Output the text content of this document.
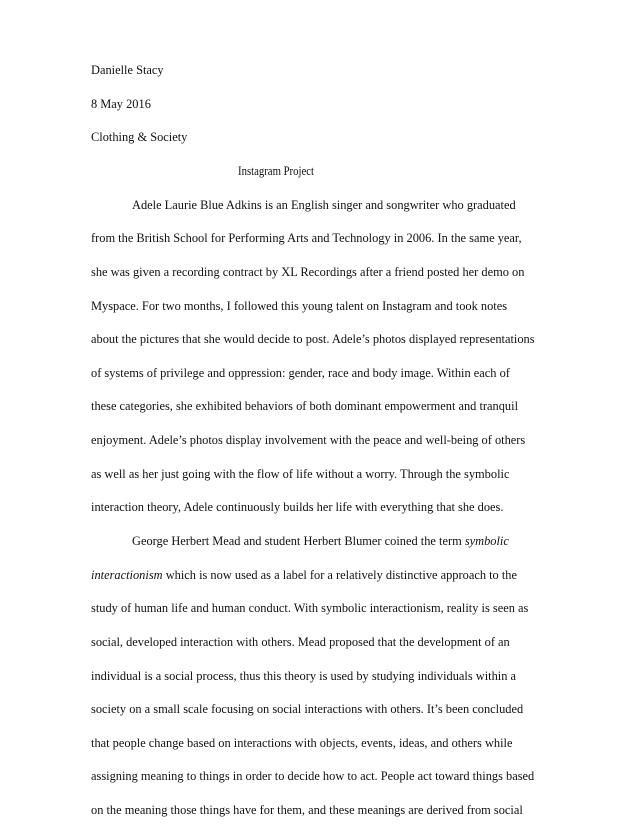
Danielle Stacy

8 May 2016

Clothing & Society

Instagram Project

Adele Laurie Blue Adkins is an English singer and songwriter who graduated

from the British School for Performing Arts and Technology in 2006. In the same year,

she was given a recording contract by XL Recordings after a friend posted her demo on

Myspace. For two months, I followed this young talent on Instagram and took notes

about the pictures that she would decide to post. Adele’s photos displayed representations

of systems of privilege and oppression: gender, race and body image. Within each of

these categories, she exhibited behaviors of both dominant empowerment and tranquil

enjoyment. Adele’s photos display involvement with the peace and well-being of others

as well as her just going with the flow of life without a worry. Through the symbolic

interaction theory, Adele continuously builds her life with everything that she does.

George Herbert Mead and student Herbert Blumer coined the term symbolic

interactionism which is now used as a label for a relatively distinctive approach to the

study of human life and human conduct. With symbolic interactionism, reality is seen as

social, developed interaction with others. Mead proposed that the development of an

individual is a social process, thus this theory is used by studying individuals within a

society on a small scale focusing on social interactions with others. It’s been concluded

that people change based on interactions with objects, events, ideas, and others while

assigning meaning to things in order to decide how to act. People act toward things based

on the meaning those things have for them, and these meanings are derived from social
